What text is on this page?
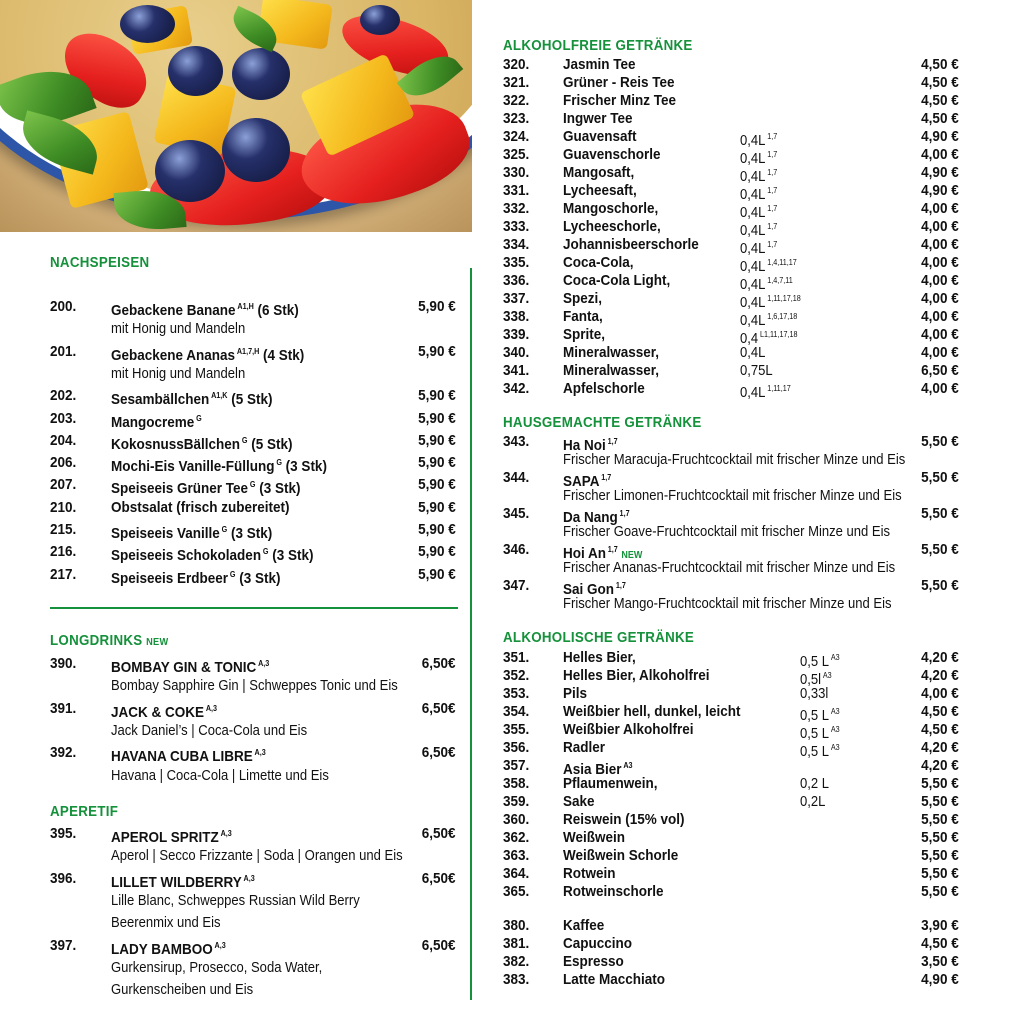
NACHSPEISEN
200. Gebackene Banane $^{A1,H}$ (6 Stk)	5,90 €
mit Honig und Mandeln
201. Gebackene Ananas $^{A1,7,H}$ (4 Stk)	5,90 €
mit Honig und Mandeln
202. Sesambällchen $^{A1,K}$ (5 Stk)	5,90 €
203. Mangocreme $^G$	5,90 €
204. KokosnussBällchen $^G$ (5 Stk)	5,90 €
206. Mochi-Eis Vanille-Füllung $^G$ (3 Stk)	5,90 €
207. Speiseeis Grüner Tee $^G$ (3 Stk)	5,90 €
210. Obstsalat (frisch zubereitet)	5,90 €
215. Speiseeis Vanille $^G$ (3 Stk)	5,90 €
216. Speiseeis Schokoladen $^G$ (3 Stk)	5,90 €
217. Speiseeis Erdbeer $^G$ (3 Stk)	5,90 €
LONGDRINKS NEW
390. BOMBAY GIN & TONIC $^{A,3}$	6,50€
Bombay Sapphire Gin | Schweppes Tonic und Eis
391. JACK & COKE $^{A,3}$	6,50€
Jack Daniel’s | Coca-Cola und Eis
392. HAVANA CUBA LIBRE $^{A,3}$	6,50€
Havana | Coca-Cola | Limette und Eis
APERETIF
395. APEROL SPRITZ $^{A,3}$	6,50€
Aperol | Secco Frizzante | Soda | Orangen und Eis
396. LILLET WILDBERRY $^{A,3}$	6,50€
Lille Blanc, Schweppes Russian Wild Berry
Beerenmix und Eis
397. LADY BAMBOO $^{A,3}$	6,50€
Gurkensirup, Prosecco, Soda Water,
Gurkenscheiben und Eis
ALKOHOLFREIE GETRÄNKE
320. Jasmin Tee	4,50 €
321. Grüner - Reis Tee	4,50 €
322. Frischer Minz Tee	4,50 €
323. Ingwer Tee	4,50 €
324. Guavensaft	0,4L $^{1,7}$	4,90 €
325. Guavenschorle	0,4L $^{1,7}$	4,00 €
330. Mangosaft,	0,4L $^{1,7}$	4,90 €
331. Lycheesaft,	0,4L $^{1,7}$	4,90 €
332. Mangoschorle,	0,4L $^{1,7}$	4,00 €
333. Lycheeschorle,	0,4L $^{1,7}$	4,00 €
334. Johannisbeerschorle	0,4L $^{1,7}$	4,00 €
335. Coca-Cola,	0,4L $^{1,4,11,17}$	4,00 €
336. Coca-Cola Light,	0,4L $^{1,4,7,11}$	4,00 €
337. Spezi,	0,4L $^{1,11,17,18}$	4,00 €
338. Fanta,	0,4L $^{1,6,17,18}$	4,00 €
339. Sprite,	0,4 $^{L1,11,17,18}$	4,00 €
340. Mineralwasser,	0,4L	4,00 €
341. Mineralwasser,	0,75L	6,50 €
342. Apfelschorle	0,4L $^{1,11,17}$	4,00 €
HAUSGEMACHTE GETRÄNKE
343. Ha Noi $^{1,7}$	5,50 €
Frischer Maracuja-Fruchtcocktail mit frischer Minze und Eis
344. SAPA $^{1,7}$	5,50 €
Frischer Limonen-Fruchtcocktail mit frischer Minze und Eis
345. Da Nang $^{1,7}$	5,50 €
Frischer Goave-Fruchtcocktail mit frischer Minze und Eis
346. Hoi An $^{1,7}$NEW	5,50 €
Frischer Ananas-Fruchtcocktail mit frischer Minze und Eis
347. Sai Gon $^{1,7}$	5,50 €
Frischer Mango-Fruchtcocktail mit frischer Minze und Eis
ALKOHOLISCHE GETRÄNKE
351. Helles Bier,	0,5 L $^{A3}$	4,20 €
352. Helles Bier, Alkoholfrei	0,5l $^{A3}$	4,20 €
353. Pils	0,33l	4,00 €
354. Weißbier hell, dunkel, leicht	0,5 L $^{A3}$	4,50 €
355. Weißbier Alkoholfrei	0,5 L $^{A3}$	4,50 €
356. Radler	0,5 L $^{A3}$	4,20 €
357. Asia Bier $^{A3}$	4,20 €
358. Pflaumenwein,	0,2 L	5,50 €
359. Sake	0,2L	5,50 €
360. Reiswein (15% vol)	5,50 €
362. Weißwein	5,50 €
363. Weißwein Schorle	5,50 €
364. Rotwein	5,50 €
365. Rotweinschorle	5,50 €
380. Kaffee	3,90 €
381. Capuccino	4,50 €
382. Espresso	3,50 €
383. Latte Macchiato	4,90 €
